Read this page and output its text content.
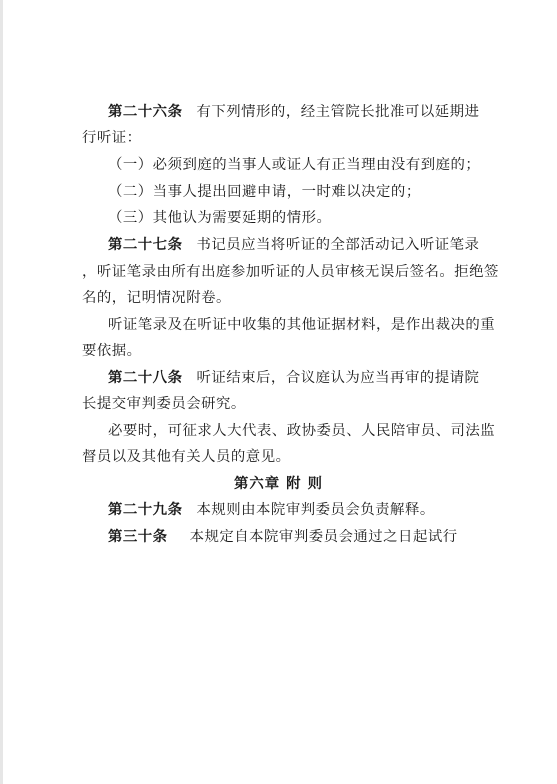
第二十六条 有下列情形的，经主管院长批准可以延期进
行听证：
（一）必须到庭的当事人或证人有正当理由没有到庭的；
（二）当事人提出回避申请，一时难以决定的；
（三）其他认为需要延期的情形。
第二十七条 书记员应当将听证的全部活动记入听证笔录
，听证笔录由所有出庭参加听证的人员审核无误后签名。拒绝签
名的，记明情况附卷。
听证笔录及在听证中收集的其他证据材料，是作出裁决的重
要依据。
第二十八条 听证结束后，合议庭认为应当再审的提请院
长提交审判委员会研究。
必要时，可征求人大代表、政协委员、人民陪审员、司法监
督员以及其他有关人员的意见。
第六章 附 则
第二十九条 本规则由本院审判委员会负责解释。
第三十条 本规定自本院审判委员会通过之日起试行
